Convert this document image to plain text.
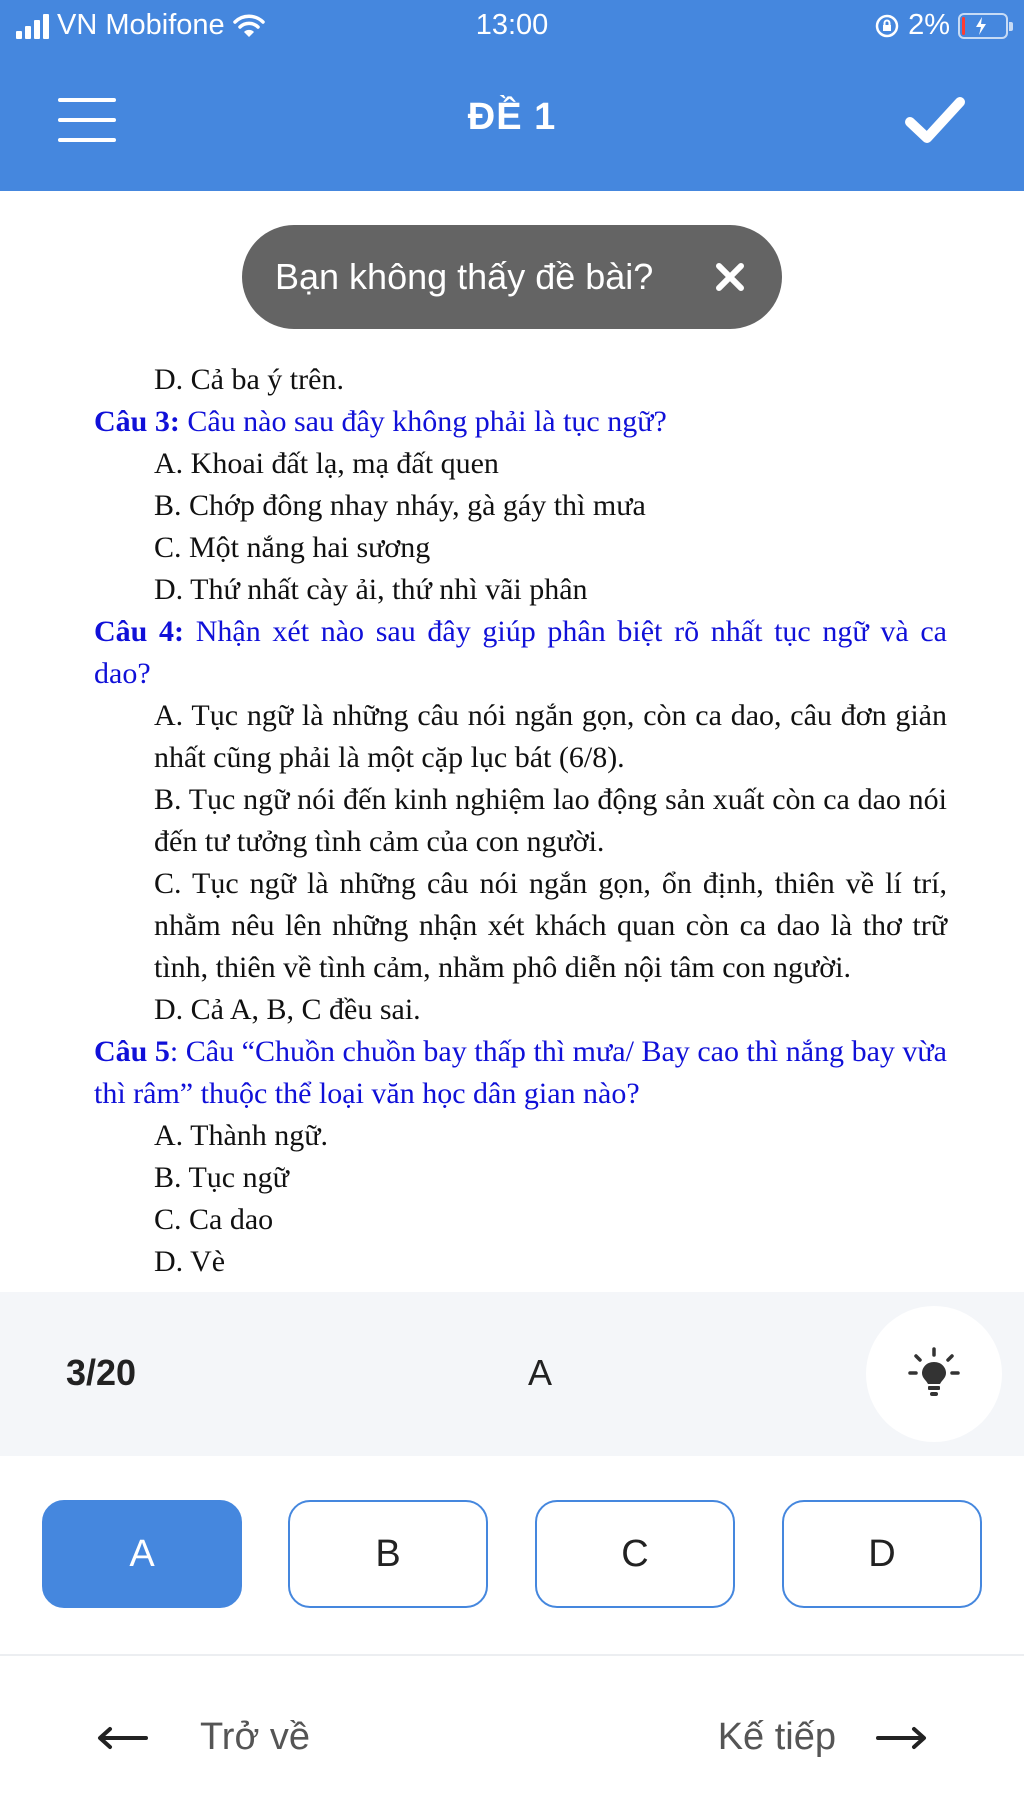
VN Mobifone	13:00	2%
ĐỀ 1

D. Cả ba ý trên.

Câu 3: Câu nào sau đây không phải là tục ngữ?

A. Khoai đất lạ, mạ đất quen

B. Chớp đông nhay nháy, gà gáy thì mưa

C. Một nắng hai sương

D. Thứ nhất cày ải, thứ nhì vãi phân

Câu 4: Nhận xét nào sau đây giúp phân biệt rõ nhất tục ngữ và ca dao?

A. Tục ngữ là những câu nói ngắn gọn, còn ca dao, câu đơn giản nhất cũng phải là một cặp lục bát (6/8).

B. Tục ngữ nói đến kinh nghiệm lao động sản xuất còn ca dao nói đến tư tưởng tình cảm của con người.

C. Tục ngữ là những câu nói ngắn gọn, ổn định, thiên về lí trí, nhằm nêu lên những nhận xét khách quan còn ca dao là thơ trữ tình, thiên về tình cảm, nhằm phô diễn nội tâm con người.

D. Cả A, B, C đều sai.

Câu 5: Câu “Chuồn chuồn bay thấp thì mưa/ Bay cao thì nắng bay vừa thì râm” thuộc thể loại văn học dân gian nào?

A. Thành ngữ.

B. Tục ngữ

C. Ca dao

D. Vè

Bạn không thấy đề bài?
3/20	A
A	B	C	D
Trở về	Kế tiếp
